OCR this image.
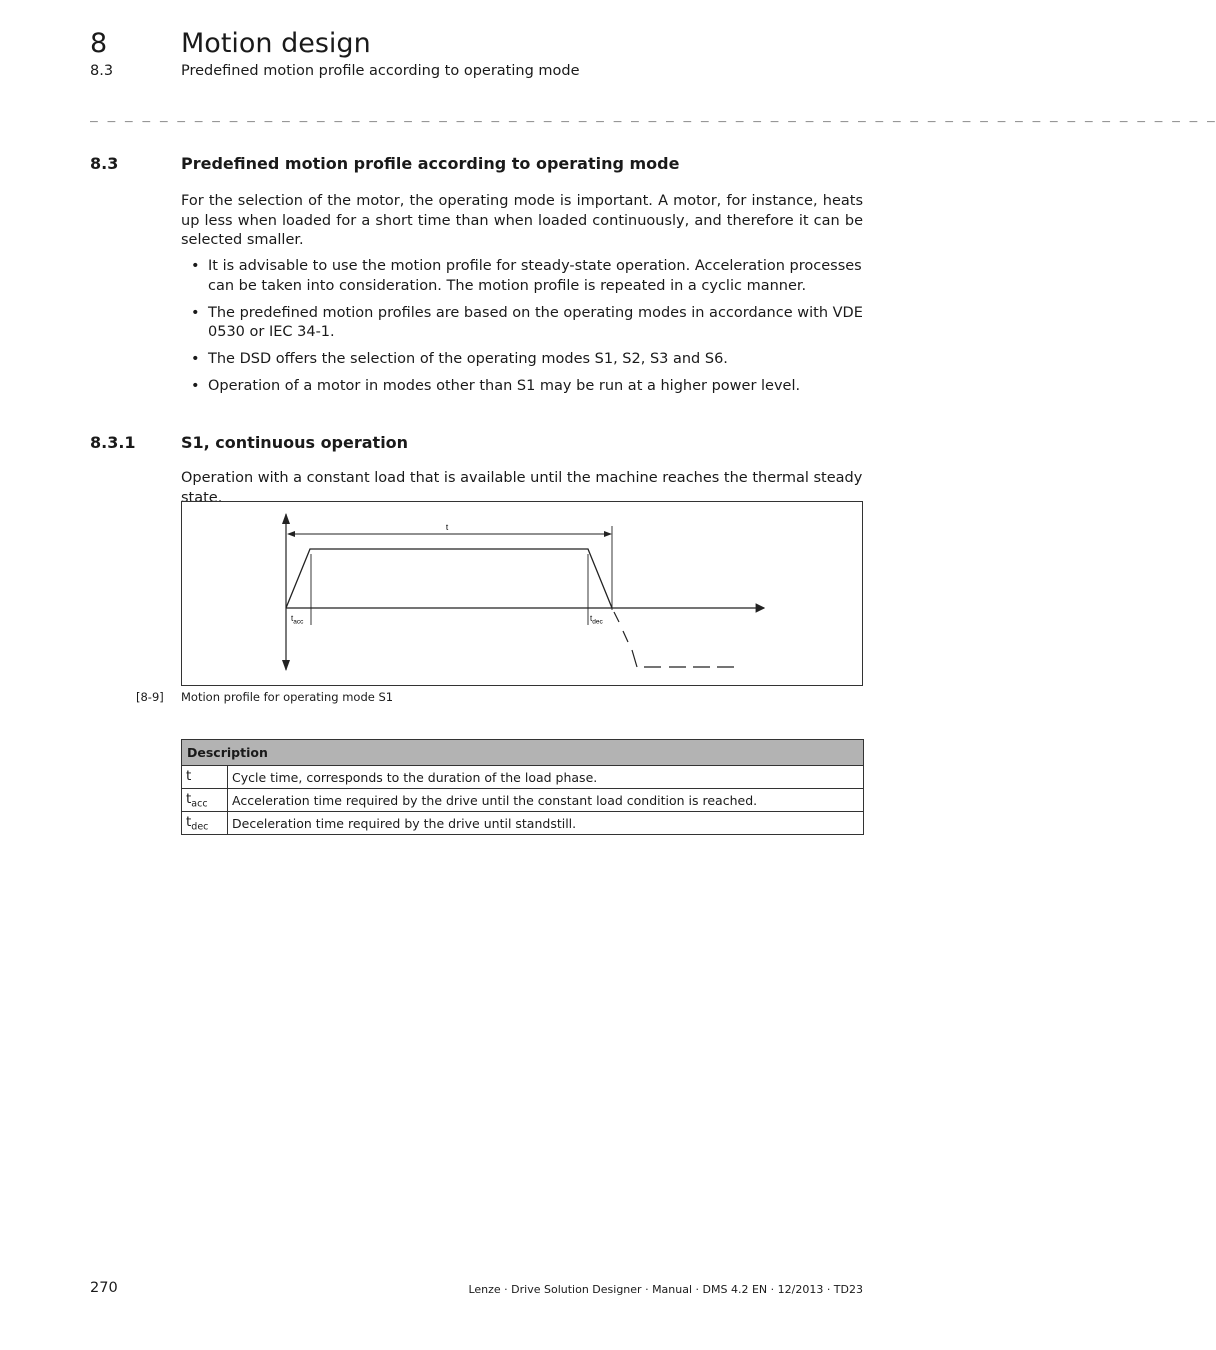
8	Motion design
8.3	Predefined motion profile according to operating mode
_ _ _ _ _ _ _ _ _ _ _ _ _ _ _ _ _ _ _ _ _ _ _ _ _ _ _ _ _ _ _ _ _ _ _ _ _ _ _ _ _ _ _ _ _ _ _ _ _ _ _ _ _ _ _ _ _ _ _ _ _ _ _ _ _
8.3	Predefined motion profile according to operating mode

For the selection of the motor, the operating mode is important. A motor, for instance, heats up less when loaded for a short time than when loaded continuously, and therefore it can be selected smaller.

• It is advisable to use the motion profile for steady-state operation. Acceleration processes can be taken into consideration. The motion profile is repeated in a cyclic manner.
• The predefined motion profiles are based on the operating modes in accordance with VDE 0530 or IEC 34-1.
• The DSD offers the selection of the operating modes S1, S2, S3 and S6.
• Operation of a motor in modes other than S1 may be run at a higher power level.
8.3.1	S1, continuous operation

Operation with a constant load that is available until the machine reaches the thermal steady state.

t
$t_{acc}$	$t_{dec}$
[8-9] Motion profile for operating mode S1
Description	
t	Cycle time, corresponds to the duration of the load phase.
$t_{acc}$	Acceleration time required by the drive until the constant load condition is reached.
$t_{dec}$	Deceleration time required by the drive until standstill.
270	Lenze · Drive Solution Designer · Manual · DMS 4.2 EN · 12/2013 · TD23
